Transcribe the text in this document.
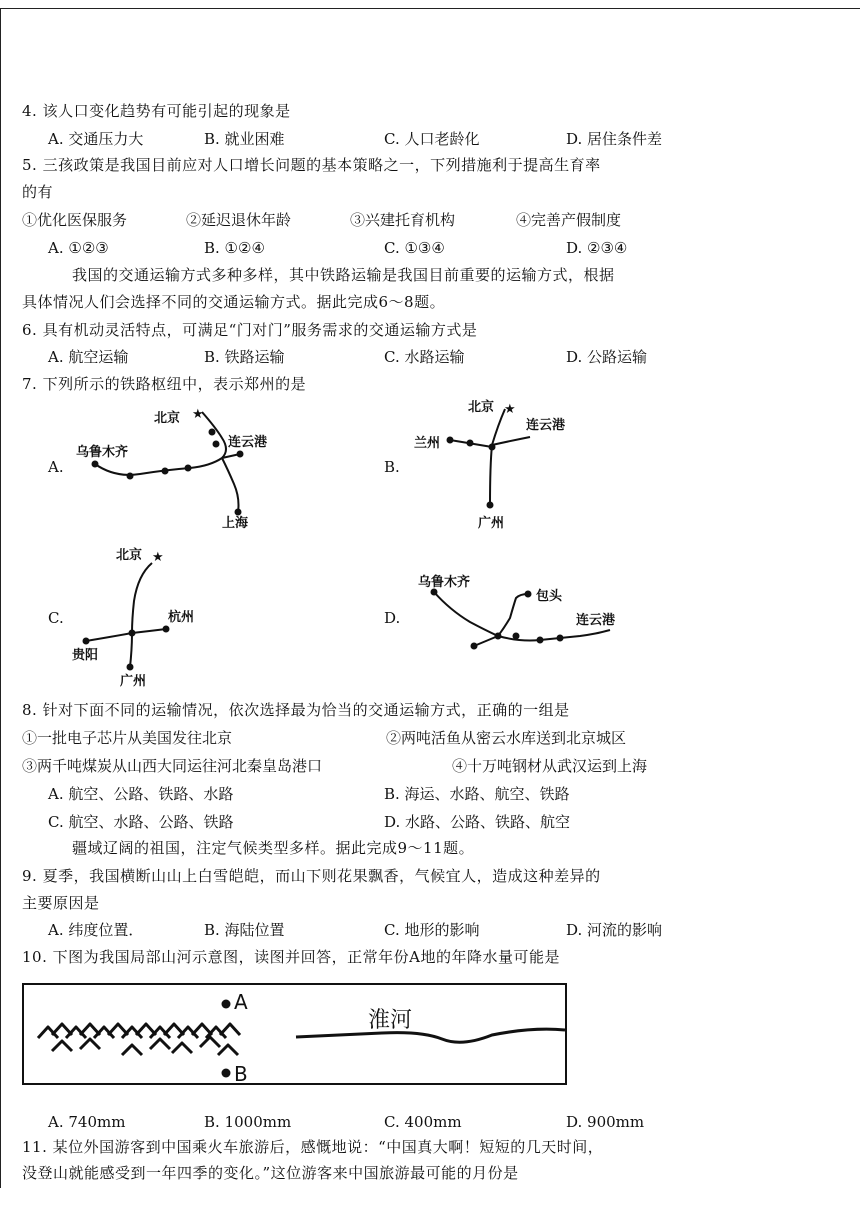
4. 该人口变化趋势有可能引起的现象是
A. 交通压力大	B. 就业困难	C. 人口老龄化	D. 居住条件差
5. 三孩政策是我国目前应对人口增长问题的基本策略之一，下列措施利于提高生育率
的有
①优化医保服务	②延迟退休年龄	③兴建托育机构	④完善产假制度
A. ①②③	B. ①②④	C. ①③④	D. ②③④
我国的交通运输方式多种多样，其中铁路运输是我国目前重要的运输方式，根据
具体情况人们会选择不同的交通运输方式。据此完成6～8题。
6. 具有机动灵活特点，可满足“门对门”服务需求的交通运输方式是
A. 航空运输	B. 铁路运输	C. 水路运输	D. 公路运输
7. 下列所示的铁路枢纽中，表示郑州的是
A.
北京 ★
乌鲁木齐
连云港
上海
B.
北京 ★
连云港
兰州
广州
C.
北京 ★
杭州
贵阳
广州
D.
乌鲁木齐
包头
连云港
8. 针对下面不同的运输情况，依次选择最为恰当的交通运输方式，正确的一组是
①一批电子芯片从美国发往北京	②两吨活鱼从密云水库送到北京城区
③两千吨煤炭从山西大同运往河北秦皇岛港口	④十万吨钢材从武汉运到上海
A. 航空、公路、铁路、水路	B. 海运、水路、航空、铁路
C. 航空、水路、公路、铁路	D. 水路、公路、铁路、航空
疆域辽阔的祖国，注定气候类型多样。据此完成9～11题。
9. 夏季，我国横断山山上白雪皑皑，而山下则花果飘香，气候宜人，造成这种差异的
主要原因是
A. 纬度位置．	B. 海陆位置	C. 地形的影响	D. 河流的影响
10. 下图为我国局部山河示意图，读图并回答，正常年份A地的年降水量可能是
A
B
淮河
A. 740mm	B. 1000mm	C. 400mm	D. 900mm
11. 某位外国游客到中国乘火车旅游后，感慨地说：“中国真大啊！短短的几天时间，
没登山就能感受到一年四季的变化。”这位游客来中国旅游最可能的月份是
